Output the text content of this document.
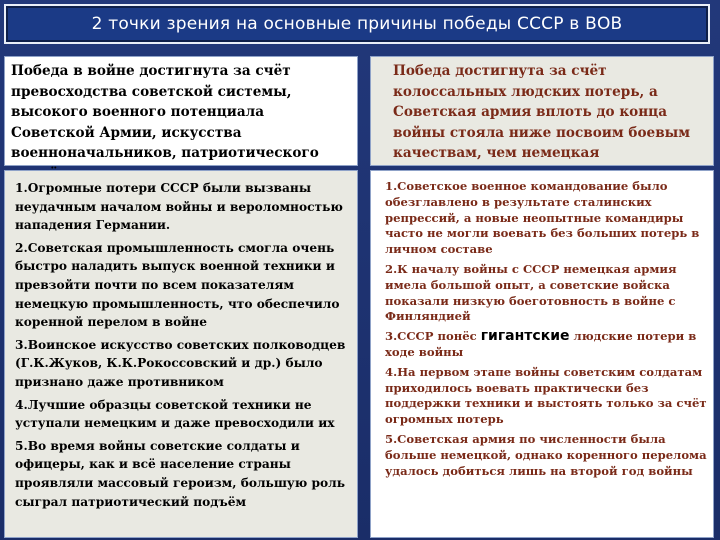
2 точки зрения на основные причины победы СССР в ВОВ
Победа в войне достигнута за счёт превосходства советской системы, высокого военного потенциала Советской Армии, искусства военноначальников, патриотического
Победа достигнута за счёт колоссальных людских потерь, а Советская армия вплоть до конца войны стояла ниже посвоим боевым качествам, чем немецкая
1.Огромные потери СССР были вызваны неудачным началом войны и вероломностью нападения Германии.
2.Советская промышленность смогла очень быстро наладить выпуск военной техники и превзойти почти по всем показателям немецкую промышленность, что обеспечило коренной перелом в войне
3.Воинское искусство советских полководцев (Г.К.Жуков, К.К.Рокоссовский и др.) было признано даже противником
4.Лучшие образцы советской техники не уступали немецким и даже превосходили их
5.Во время войны советские солдаты и офицеры, как и всё население страны проявляли массовый героизм, большую роль сыграл патриотический подъём
1.Советское военное командование было обезглавлено в результате сталинских репрессий, а новые неопытные командиры часто не могли воевать без больших потерь в личном составе
2.К началу войны с СССР немецкая армия имела большой опыт, а советские войска показали низкую боеготовность в войне с Финляндией
3.СССР понёс гигантские людские потери в ходе войны
4.На первом этапе войны советским солдатам приходилось воевать практически без поддержки техники и выстоять только за счёт огромных потерь
5.Советская армия по численности была больше немецкой, однако коренного перелома удалось добиться лишь на второй год войны
